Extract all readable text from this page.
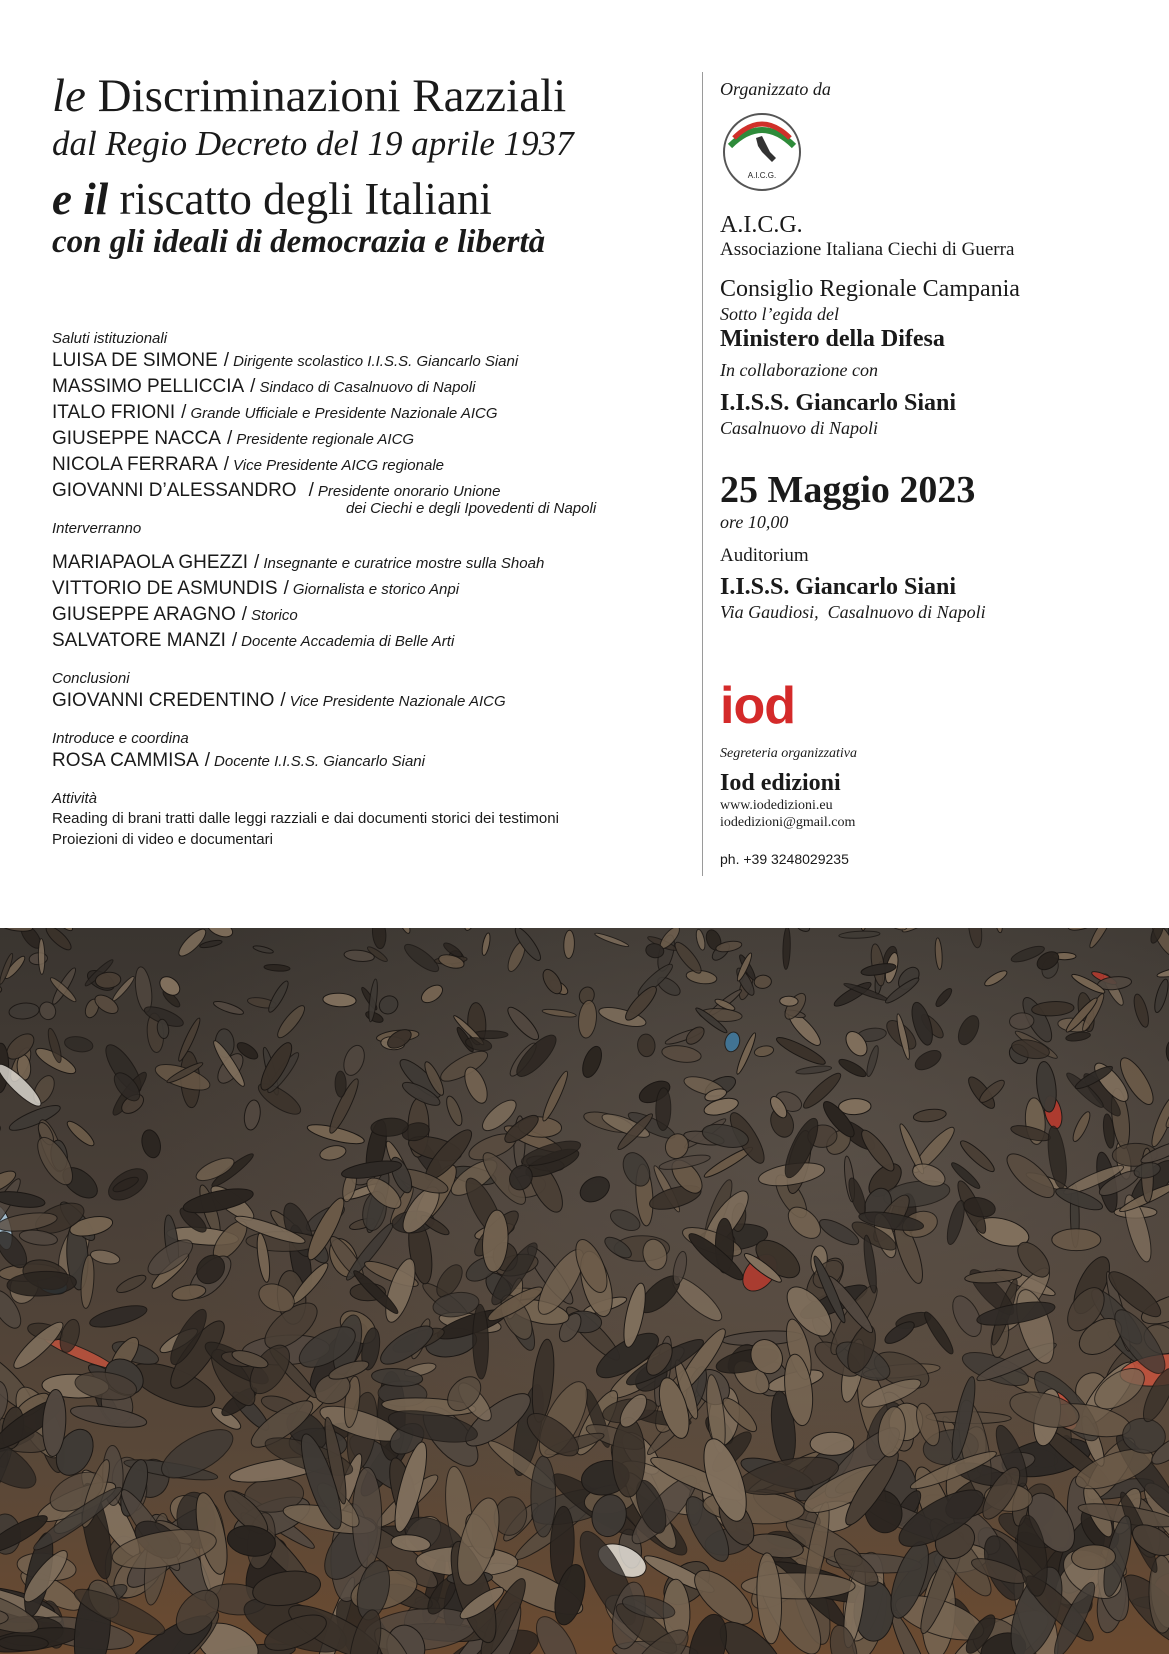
le Discriminazioni Razziali
dal Regio Decreto del 19 aprile 1937
e il riscatto degli Italiani
con gli ideali di democrazia e libertà
Saluti istituzionali
LUISA DE SIMONE / Dirigente scolastico I.I.S.S. Giancarlo Siani
MASSIMO PELLICCIA / Sindaco di Casalnuovo di Napoli
ITALO FRIONI / Grande Ufficiale e Presidente Nazionale AICG
GIUSEPPE NACCA / Presidente regionale AICG
NICOLA FERRARA / Vice Presidente AICG regionale
GIOVANNI D’ALESSANDRO / Presidente onorario Unione
dei Ciechi e degli Ipovedenti di Napoli
Interverranno
MARIAPAOLA GHEZZI / Insegnante e curatrice mostre sulla Shoah
VITTORIO DE ASMUNDIS / Giornalista e storico Anpi
GIUSEPPE ARAGNO / Storico
SALVATORE MANZI / Docente Accademia di Belle Arti
Conclusioni
GIOVANNI CREDENTINO / Vice Presidente Nazionale AICG
Introduce e coordina
ROSA CAMMISA / Docente I.I.S.S. Giancarlo Siani
Attività
Reading di brani tratti dalle leggi razziali e dai documenti storici dei testimoni
Proiezioni di video e documentari
Organizzato da
A.I.C.G.
A.I.C.G.
Associazione Italiana Ciechi di Guerra
Consiglio Regionale Campania
Sotto l’egida del
Ministero della Difesa
In collaborazione con
I.I.S.S. Giancarlo Siani
Casalnuovo di Napoli
25 Maggio 2023
ore 10,00
Auditorium
I.I.S.S. Giancarlo Siani
Via Gaudiosi,  Casalnuovo di Napoli
iod
Segreteria organizzativa
Iod edizioni
www.iodedizioni.eu
iodedizioni@gmail.com
ph. +39 3248029235
